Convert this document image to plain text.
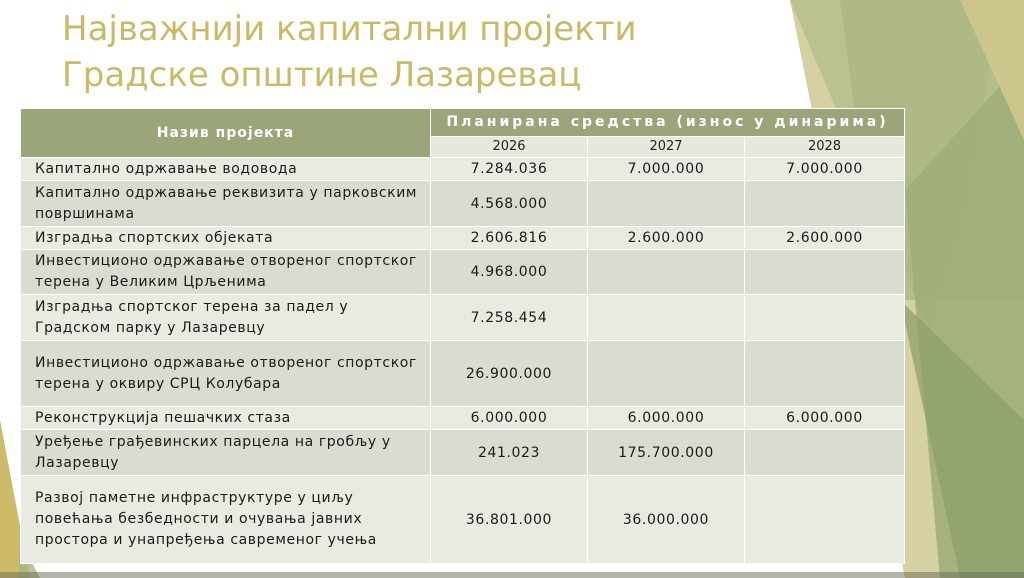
Најважнији капитални пројекти
Градске општине Лазаревац
Назив пројекта	Планирана средства (износ у динарима)		
	2026	2027	2028
Капитално одржавање водовода	7.284.036	7.000.000	7.000.000
Капитално одржавање реквизита у парковским површинама	4.568.000		
Изградња спортских објеката	2.606.816	2.600.000	2.600.000
Инвестиционо одржавање отвореног спортског терена у Великим Црљенима	4.968.000		
Изградња спортског терена за падел у Градском парку у Лазаревцу	7.258.454		
Инвестиционо одржавање отвореног спортског терена у оквиру СРЦ Колубара	26.900.000		
Реконструкција пешачких стаза	6.000.000	6.000.000	6.000.000
Уређење грађевинских парцела на гробљу у Лазаревцу	241.023	175.700.000	
Развој паметне инфраструктуре у циљу повећања безбедности и очувања јавних простора и унапређења савременог учења	36.801.000	36.000.000	
